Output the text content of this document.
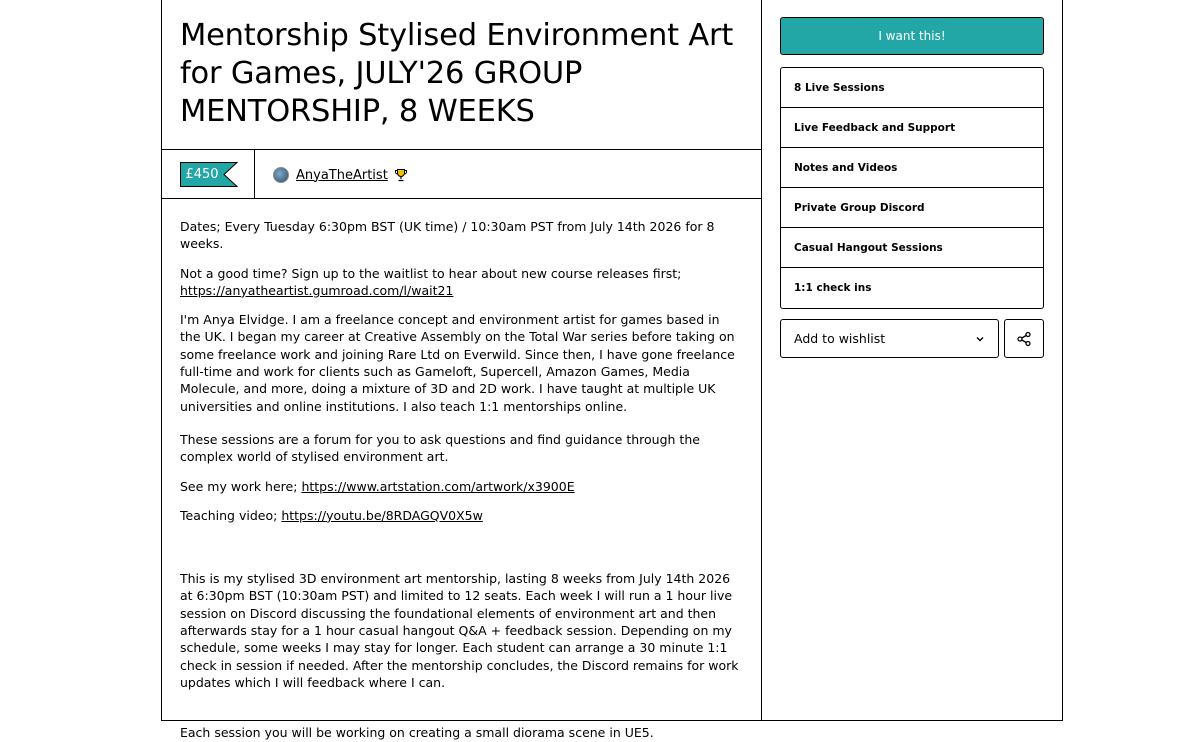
Mentorship Stylised Environment Art for Games, JULY'26 GROUP MENTORSHIP, 8 WEEKS
£450	AnyaTheArtist

Dates; Every Tuesday 6:30pm BST (UK time) / 10:30am PST from July 14th 2026 for 8 weeks.

Not a good time? Sign up to the waitlist to hear about new course releases first;
https://anyatheartist.gumroad.com/l/wait21

I'm Anya Elvidge. I am a freelance concept and environment artist for games based in the UK. I began my career at Creative Assembly on the Total War series before taking on some freelance work and joining Rare Ltd on Everwild. Since then, I have gone freelance full-time and work for clients such as Gameloft, Supercell, Amazon Games, Media Molecule, and more, doing a mixture of 3D and 2D work. I have taught at multiple UK universities and online institutions. I also teach 1:1 mentorships online.

These sessions are a forum for you to ask questions and find guidance through the complex world of stylised environment art.

See my work here; https://www.artstation.com/artwork/x3900E

Teaching video; https://youtu.be/8RDAGQV0X5w

This is my stylised 3D environment art mentorship, lasting 8 weeks from July 14th 2026 at 6:30pm BST (10:30am PST) and limited to 12 seats. Each week I will run a 1 hour live session on Discord discussing the foundational elements of environment art and then afterwards stay for a 1 hour casual hangout Q&A + feedback session. Depending on my schedule, some weeks I may stay for longer. Each student can arrange a 30 minute 1:1 check in session if needed. After the mentorship concludes, the Discord remains for work updates which I will feedback where I can.

Each session you will be working on creating a small diorama scene in UE5.

I want this!
8 Live Sessions
Live Feedback and Support
Notes and Videos
Private Group Discord
Casual Hangout Sessions
1:1 check ins
Add to wishlist
